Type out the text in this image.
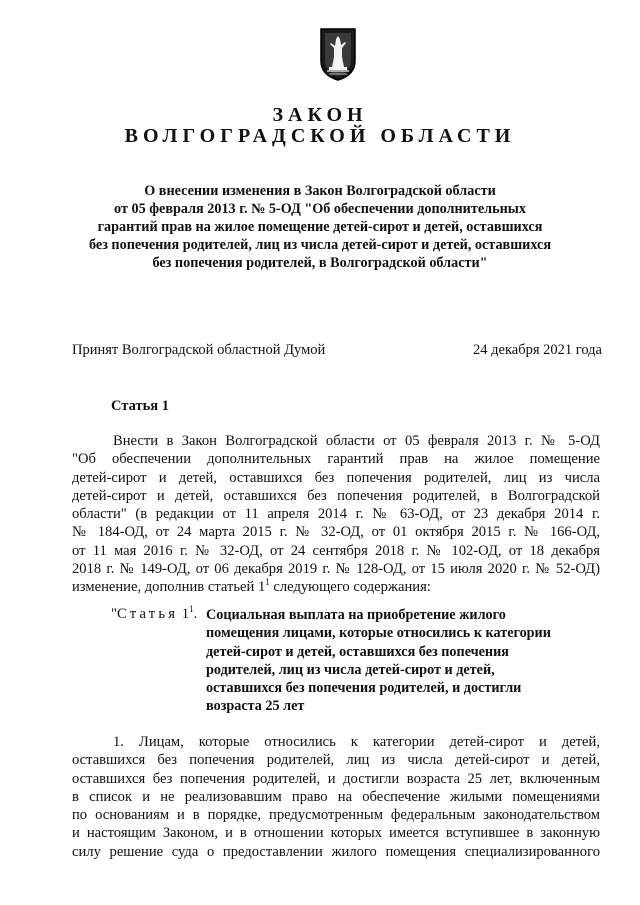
ЗАКОН
ВОЛГОГРАДСКОЙ ОБЛАСТИ
О внесении изменения в Закон Волгоградской области
от 05 февраля 2013 г. № 5-ОД "Об обеспечении дополнительных
гарантий прав на жилое помещение детей-сирот и детей, оставшихся
без попечения родителей, лиц из числа детей-сирот и детей, оставшихся
без попечения родителей, в Волгоградской области"
Принят Волгоградской областной Думой	24 декабря 2021 года
Статья 1
Внести в Закон Волгоградской области от 05 февраля 2013 г. № 5-ОД
"Об обеспечении дополнительных гарантий прав на жилое помещение
детей-сирот и детей, оставшихся без попечения родителей, лиц из числа
детей-сирот и детей, оставшихся без попечения родителей, в Волгоградской
области" (в редакции от 11 апреля 2014 г. № 63-ОД, от 23 декабря 2014 г.
№ 184-ОД, от 24 марта 2015 г. № 32-ОД, от 01 октября 2015 г. № 166-ОД,
от 11 мая 2016 г. № 32-ОД, от 24 сентября 2018 г. № 102-ОД, от 18 декабря
2018 г. № 149-ОД, от 06 декабря 2019 г. № 128-ОД, от 15 июля 2020 г. № 52-ОД)
изменение, дополнив статьей $1^1$ следующего содержания:
"Статья $1^1$. Социальная выплата на приобретение жилого
помещения лицами, которые относились к категории
детей-сирот и детей, оставшихся без попечения
родителей, лиц из числа детей-сирот и детей,
оставшихся без попечения родителей, и достигли
возраста 25 лет
1. Лицам, которые относились к категории детей-сирот и детей,
оставшихся без попечения родителей, лиц из числа детей-сирот и детей,
оставшихся без попечения родителей, и достигли возраста 25 лет, включенным
в список и не реализовавшим право на обеспечение жилыми помещениями
по основаниям и в порядке, предусмотренным федеральным законодательством
и настоящим Законом, и в отношении которых имеется вступившее в законную
силу решение суда о предоставлении жилого помещения специализированного
